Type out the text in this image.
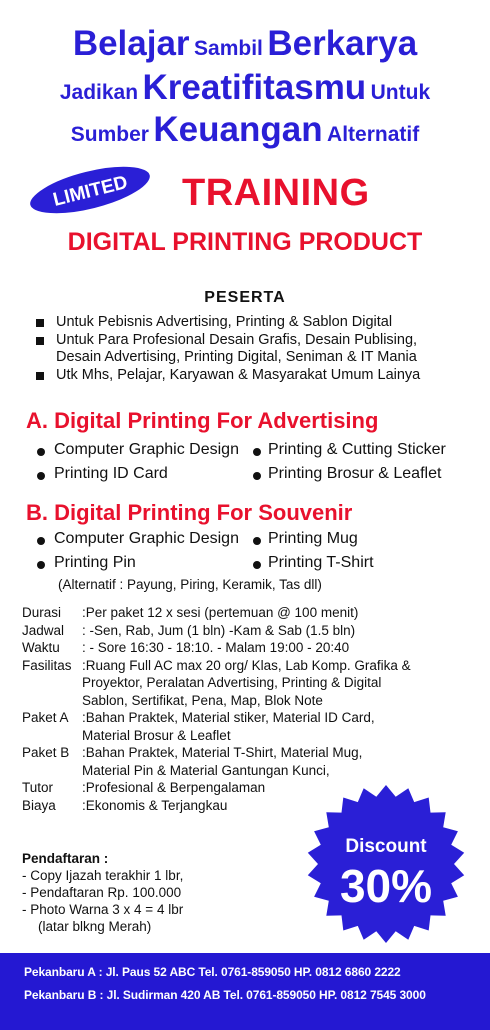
Belajar Sambil Berkarya
Jadikan Kreatifitasmu Untuk
Sumber Keuangan Alternatif
LIMITED TRAINING
DIGITAL PRINTING PRODUCT
PESERTA
Untuk Pebisnis Advertising, Printing & Sablon Digital
Untuk Para Profesional Desain Grafis, Desain Publising,
Desain Advertising, Printing Digital, Seniman & IT Mania
Utk Mhs, Pelajar, Karyawan & Masyarakat Umum Lainya
A. Digital Printing For Advertising
Computer Graphic Design Printing & Cutting Sticker
Printing ID Card	Printing Brosur & Leaflet
B. Digital Printing For Souvenir
Computer Graphic Design Printing Mug
Printing Pin	Printing T-Shirt
(Alternatif : Payung, Piring, Keramik, Tas dll)
Durasi	:Per paket 12 x sesi (pertemuan @ 100 menit)
Jadwal	: -Sen, Rab, Jum (1 bln) -Kam & Sab (1.5 bln)
Waktu	: - Sore 16:30 - 18:10. - Malam 19:00 - 20:40
Fasilitas :Ruang Full AC max 20 org/ Klas, Lab Komp. Grafika &
Proyektor, Peralatan Advertising, Printing & Digital
Sablon, Sertifikat, Pena, Map, Blok Note
Paket A :Bahan Praktek, Material stiker, Material ID Card,
Material Brosur & Leaflet
Paket B :Bahan Praktek, Material T-Shirt, Material Mug,
Material Pin & Material Gantungan Kunci,
Tutor	:Profesional & Berpengalaman
Biaya	:Ekonomis & Terjangkau
Discount
30%
Pendaftaran :
- Copy Ijazah terakhir 1 lbr,
- Pendaftaran Rp. 100.000
- Photo Warna 3 x 4 = 4 lbr
(latar blkng Merah)
Pekanbaru A : Jl. Paus 52 ABC Tel. 0761-859050 HP. 0812 6860 2222
Pekanbaru B : Jl. Sudirman 420 AB Tel. 0761-859050 HP. 0812 7545 3000
